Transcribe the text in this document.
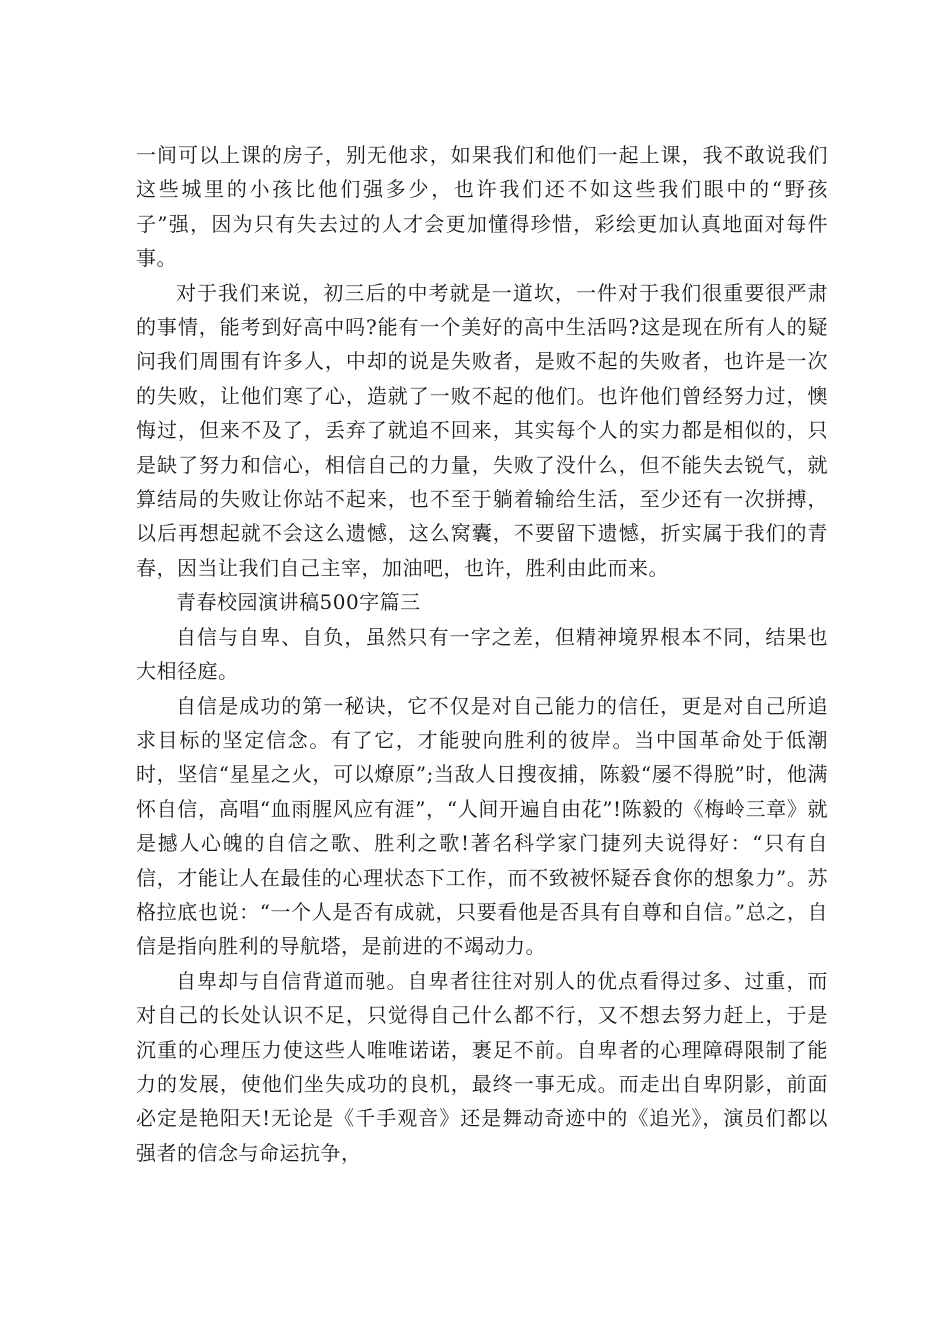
一间可以上课的房子，别无他求，如果我们和他们一起上课，我不敢说我们这些城里的小孩比他们强多少，也许我们还不如这些我们眼中的“野孩子”强，因为只有失去过的人才会更加懂得珍惜，彩绘更加认真地面对每件事。

对于我们来说，初三后的中考就是一道坎，一件对于我们很重要很严肃的事情，能考到好高中吗?能有一个美好的高中生活吗?这是现在所有人的疑问我们周围有许多人，中却的说是失败者，是败不起的失败者，也许是一次的失败，让他们寒了心，造就了一败不起的他们。也许他们曾经努力过，懊悔过，但来不及了，丢弃了就追不回来，其实每个人的实力都是相似的，只是缺了努力和信心，相信自己的力量，失败了没什么，但不能失去锐气，就算结局的失败让你站不起来，也不至于躺着输给生活，至少还有一次拼搏，以后再想起就不会这么遗憾，这么窝囊，不要留下遗憾，折实属于我们的青春，因当让我们自己主宰，加油吧，也许，胜利由此而来。

青春校园演讲稿500字篇三

自信与自卑、自负，虽然只有一字之差，但精神境界根本不同，结果也大相径庭。

自信是成功的第一秘诀，它不仅是对自己能力的信任，更是对自己所追求目标的坚定信念。有了它，才能驶向胜利的彼岸。当中国革命处于低潮时，坚信“星星之火，可以燎原”;当敌人日搜夜捕，陈毅“屡不得脱”时，他满怀自信，高唱“血雨腥风应有涯”，“人间开遍自由花”!陈毅的《梅岭三章》就是撼人心魄的自信之歌、胜利之歌!著名科学家门捷列夫说得好：“只有自信，才能让人在最佳的心理状态下工作，而不致被怀疑吞食你的想象力”。苏格拉底也说：“一个人是否有成就，只要看他是否具有自尊和自信。”总之，自信是指向胜利的导航塔，是前进的不竭动力。

自卑却与自信背道而驰。自卑者往往对别人的优点看得过多、过重，而对自己的长处认识不足，只觉得自己什么都不行，又不想去努力赶上，于是沉重的心理压力使这些人唯唯诺诺，裹足不前。自卑者的心理障碍限制了能力的发展，使他们坐失成功的良机，最终一事无成。而走出自卑阴影，前面必定是艳阳天!无论是《千手观音》还是舞动奇迹中的《追光》，演员们都以强者的信念与命运抗争，
